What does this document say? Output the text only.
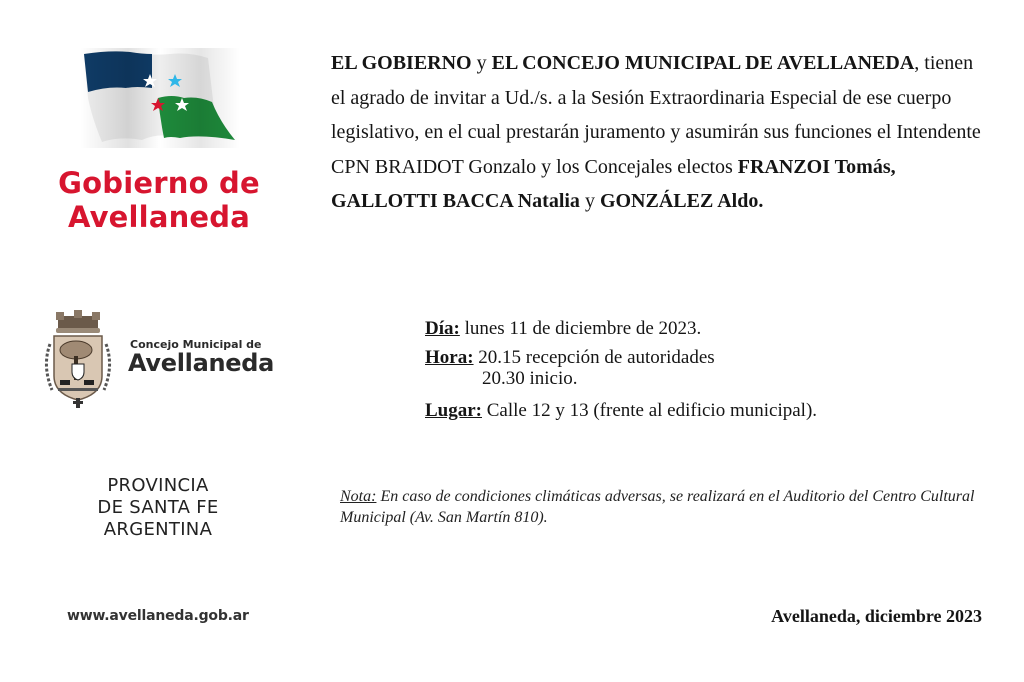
Gobierno de
Avellaneda
Concejo Municipal de
Avellaneda
PROVINCIA
DE SANTA FE
ARGENTINA
www.avellaneda.gob.ar
EL GOBIERNO y EL CONCEJO MUNICIPAL DE AVELLANEDA, tienen el agrado de invitar a Ud./s. a la Sesión Extraordinaria Especial de ese cuerpo legislativo, en el cual prestarán juramento y asumirán sus funciones el Intendente CPN BRAIDOT Gonzalo y los Concejales electos FRANZOI Tomás, GALLOTTI BACCA Natalia y GONZÁLEZ Aldo.
Día: lunes 11 de diciembre de 2023.
Hora: 20.15 recepción de autoridades
20.30 inicio.
Lugar: Calle 12 y 13 (frente al edificio municipal).
Nota: En caso de condiciones climáticas adversas, se realizará en el Auditorio del Centro Cultural Municipal (Av. San Martín 810).
Avellaneda, diciembre 2023
